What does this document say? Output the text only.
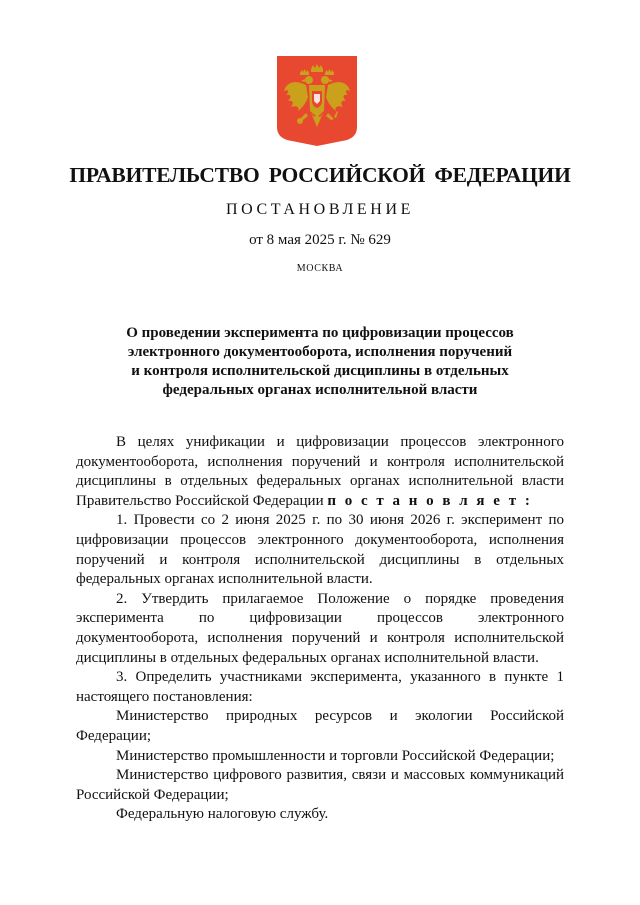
ПРАВИТЕЛЬСТВО РОССИЙСКОЙ ФЕДЕРАЦИИ
ПОСТАНОВЛЕНИЕ
от 8 мая 2025 г. № 629
МОСКВА
О проведении эксперимента по цифровизации процессов
электронного документооборота, исполнения поручений
и контроля исполнительской дисциплины в отдельных
федеральных органах исполнительной власти

В целях унификации и цифровизации процессов электронного документооборота, исполнения поручений и контроля исполнительской дисциплины в отдельных федеральных органах исполнительной власти Правительство Российской Федерации п о с т а н о в л я е т :

1. Провести со 2 июня 2025 г. по 30 июня 2026 г. эксперимент по цифровизации процессов электронного документооборота, исполнения поручений и контроля исполнительской дисциплины в отдельных федеральных органах исполнительной власти.

2. Утвердить прилагаемое Положение о порядке проведения эксперимента по цифровизации процессов электронного документооборота, исполнения поручений и контроля исполнительской дисциплины в отдельных федеральных органах исполнительной власти.

3. Определить участниками эксперимента, указанного в пункте 1 настоящего постановления:

Министерство природных ресурсов и экологии Российской Федерации;

Министерство промышленности и торговли Российской Федерации;

Министерство цифрового развития, связи и массовых коммуникаций Российской Федерации;

Федеральную налоговую службу.
